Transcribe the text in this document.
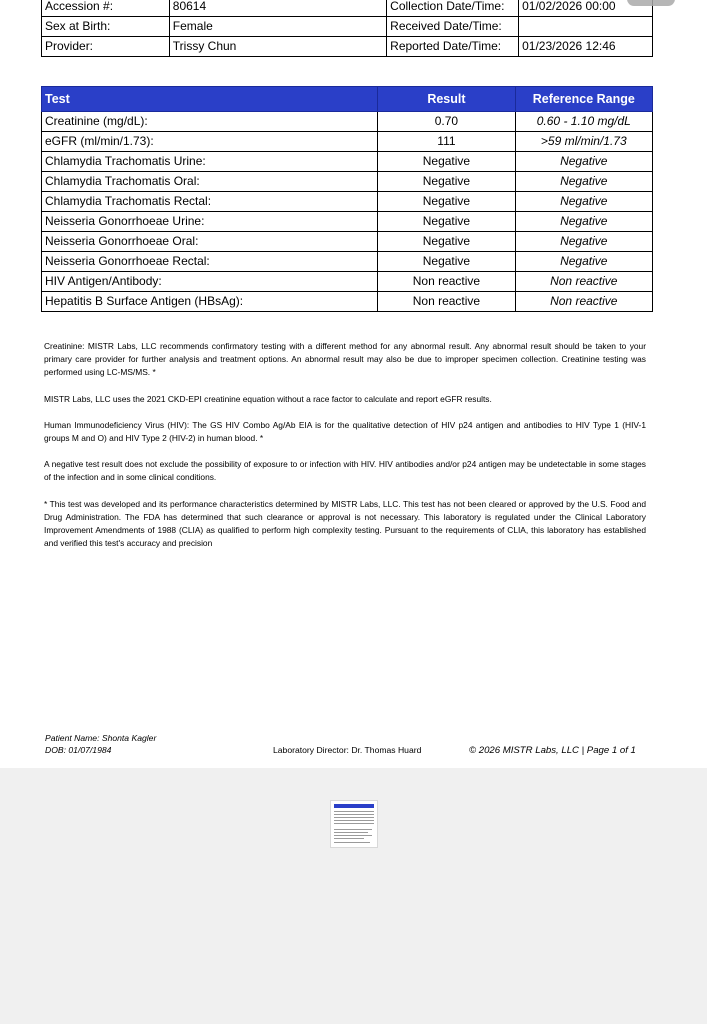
Accession #:	80614	Collection Date/Time:	01/02/2026 00:00
Sex at Birth:	Female	Received Date/Time:	
Provider:	Trissy Chun	Reported Date/Time:	01/23/2026 12:46
Test	Result	Reference Range
Creatinine (mg/dL):	0.70	0.60 - 1.10 mg/dL
eGFR (ml/min/1.73):	111	>59 ml/min/1.73
Chlamydia Trachomatis Urine:	Negative	Negative
Chlamydia Trachomatis Oral:	Negative	Negative
Chlamydia Trachomatis Rectal:	Negative	Negative
Neisseria Gonorrhoeae Urine:	Negative	Negative
Neisseria Gonorrhoeae Oral:	Negative	Negative
Neisseria Gonorrhoeae Rectal:	Negative	Negative
HIV Antigen/Antibody:	Non reactive	Non reactive
Hepatitis B Surface Antigen (HBsAg):	Non reactive	Non reactive

Creatinine: MISTR Labs, LLC recommends confirmatory testing with a different method for any abnormal result. Any abnormal result should be taken to your primary care provider for further analysis and treatment options. An abnormal result may also be due to improper specimen collection. Creatinine testing was performed using LC-MS/MS. *

MISTR Labs, LLC uses the 2021 CKD-EPI creatinine equation without a race factor to calculate and report eGFR results.

Human Immunodeficiency Virus (HIV): The GS HIV Combo Ag/Ab EIA is for the qualitative detection of HIV p24 antigen and antibodies to HIV Type 1 (HIV-1 groups M and O) and HIV Type 2 (HIV-2) in human blood. *

A negative test result does not exclude the possibility of exposure to or infection with HIV. HIV antibodies and/or p24 antigen may be undetectable in some stages of the infection and in some clinical conditions.

* This test was developed and its performance characteristics determined by MISTR Labs, LLC. This test has not been cleared or approved by the U.S. Food and Drug Administration. The FDA has determined that such clearance or approval is not necessary. This laboratory is regulated under the Clinical Laboratory Improvement Amendments of 1988 (CLIA) as qualified to perform high complexity testing. Pursuant to the requirements of CLIA, this laboratory has established and verified this test's accuracy and precision

Patient Name: Shonta Kagler
DOB: 01/07/1984	Laboratory Director: Dr. Thomas Huard	© 2026 MISTR Labs, LLC | Page 1 of 1
